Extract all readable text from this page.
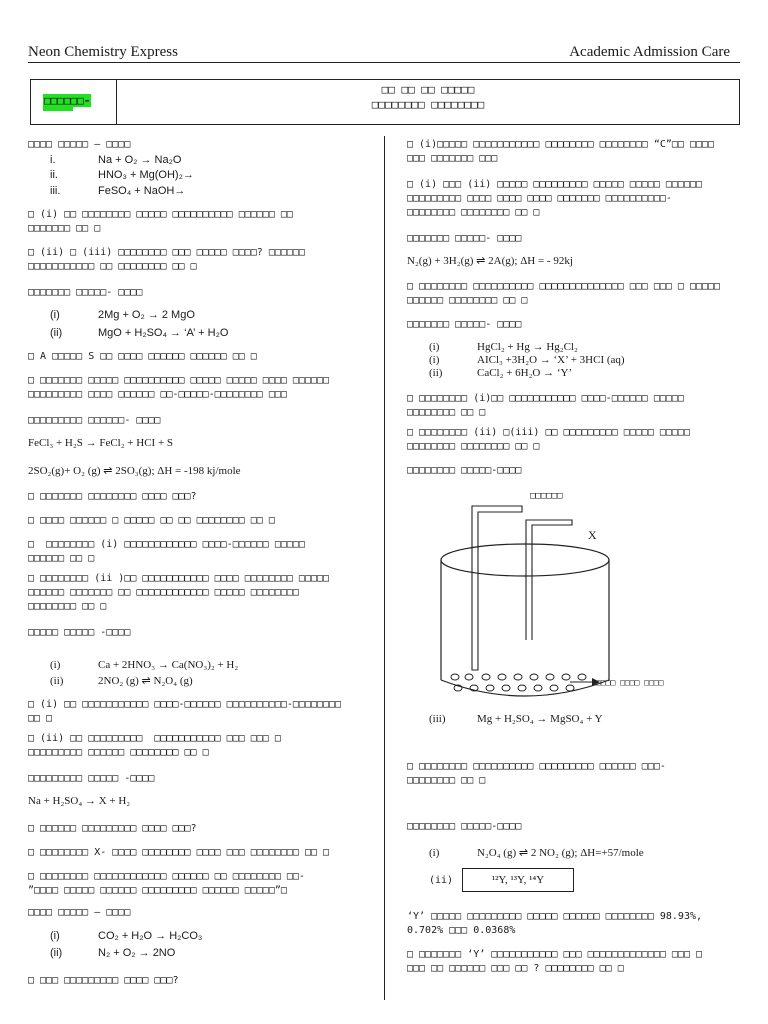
Neon Chemistry Express	Academic Admission Care
□□□□□□-
□□ □□ □□ □□□□□
□□□□□□□□ □□□□□□□□
□□□□ □□□□□ – □□□□
i.	Na + O₂ → Na₂O
ii.	HNO₃ + Mg(OH)₂→
iii.	FeSO₄ + NaOH→
□ (i) □□ □□□□□□□□ □□□□□ □□□□□□□□□□ □□□□□□ □□
□□□□□□□ □□ □
□ (ii) □ (iii) □□□□□□□□ □□□ □□□□□ □□□□? □□□□□□
□□□□□□□□□□□ □□ □□□□□□□□ □□ □
□□□□□□□ □□□□□- □□□□
(i)	2Mg + O₂ → 2 MgO
(ii)	MgO + H₂SO₄ → ‘A’ + H₂O
□ A □□□□□ S □□ □□□□ □□□□□□ □□□□□□ □□ □
□ □□□□□□□ □□□□□ □□□□□□□□□□ □□□□□ □□□□□ □□□□ □□□□□□
□□□□□□□□□ □□□□ □□□□□□ □□-□□□□□-□□□□□□□□ □□□
□□□□□□□□□ □□□□□□- □□□□
FeCl₃ + H₂S → FeCl₂ + HCI + S
2SO₂(g)+ O₂ (g) ⇌ 2SO₃(g); ΔH = -198 kj/mole
□ □□□□□□□ □□□□□□□□ □□□□ □□□?
□ □□□□ □□□□□□ □ □□□□□ □□ □□ □□□□□□□□ □□ □
□  □□□□□□□□ (i) □□□□□□□□□□□□ □□□□-□□□□□□ □□□□□
□□□□□□ □□ □
□ □□□□□□□□ (ii )□□ □□□□□□□□□□□ □□□□ □□□□□□□□ □□□□□
□□□□□□ □□□□□□□ □□ □□□□□□□□□□□□ □□□□□ □□□□□□□□
□□□□□□□□ □□ □
□□□□□ □□□□□ -□□□□
(i)	Ca + 2HNO₃ → Ca(NO₃)₂ + H₂
(ii)	2NO₂ (g) ⇌ N₂O₄ (g)
□ (i) □□ □□□□□□□□□□□ □□□□-□□□□□□ □□□□□□□□□□-□□□□□□□□
□□ □
□ (ii) □□ □□□□□□□□□  □□□□□□□□□□□ □□□ □□□ □
□□□□□□□□□ □□□□□□ □□□□□□□□ □□ □
□□□□□□□□□ □□□□□ -□□□□
Na + H₂SO₄ → X + H₂
□ □□□□□□ □□□□□□□□□ □□□□ □□□?
□ □□□□□□□□ X- □□□□ □□□□□□□□ □□□□ □□□ □□□□□□□□ □□ □
□ □□□□□□□□ □□□□□□□□□□□□ □□□□□□ □□ □□□□□□□□ □□-
”□□□□ □□□□□ □□□□□□ □□□□□□□□□ □□□□□□ □□□□□”□
□□□□ □□□□□ – □□□□
(i)	CO₂ + H₂O → H₂CO₃
(ii)	N₂ + O₂ → 2NO
□ □□□ □□□□□□□□□ □□□□ □□□?
□ (i)□□□□□ □□□□□□□□□□□ □□□□□□□□ □□□□□□□□ “C”□□ □□□□
□□□ □□□□□□□ □□□
□ (i) □□□ (ii) □□□□□ □□□□□□□□□ □□□□□ □□□□□ □□□□□□
□□□□□□□□□ □□□□ □□□□ □□□□ □□□□□□□ □□□□□□□□□□-
□□□□□□□□ □□□□□□□□ □□ □
□□□□□□□ □□□□□- □□□□
N₂(g) + 3H₂(g) ⇌ 2A(g); ΔH = - 92kj
□ □□□□□□□□ □□□□□□□□□□ □□□□□□□□□□□□□□ □□□ □□□ □ □□□□□
□□□□□□ □□□□□□□□ □□ □
□□□□□□□ □□□□□- □□□□
(i)	HgCl₂ + Hg → Hg₂Cl₂
(i)	AICl₃ +3H₂O → ‘X’ + 3HCI (aq)
(ii)	CaCl₂ + 6H₂O → ‘Y’
□ □□□□□□□□ (i)□□ □□□□□□□□□□□ □□□□-□□□□□□ □□□□□
□□□□□□□□ □□ □
□ □□□□□□□□ (ii) □(iii) □□ □□□□□□□□□ □□□□□ □□□□□
□□□□□□□□ □□□□□□□□ □□ □
□□□□□□□□ □□□□□-□□□□
(iii)	Mg + H₂SO₄ → MgSO₄ + Y
□ □□□□□□□□ □□□□□□□□□□ □□□□□□□□□ □□□□□□ □□□-
□□□□□□□□ □□ □
□□□□□□□□ □□□□□-□□□□
(i)	N₂O₄ (g) ⇌ 2 NO₂ (g); ΔH=+57/mole
(ii)
‘Y’ □□□□□ □□□□□□□□□ □□□□□ □□□□□□ □□□□□□□□ 98.93%,
0.702% □□□ 0.0368%
□ □□□□□□□ ‘Y’ □□□□□□□□□□□ □□□ □□□□□□□□□□□□□ □□□ □
□□□ □□ □□□□□□ □□□ □□ ? □□□□□□□□ □□ □
□□□□□□
X
□□□□ □□□□ □□□□
¹²Y, ¹³Y, ¹⁴Y
